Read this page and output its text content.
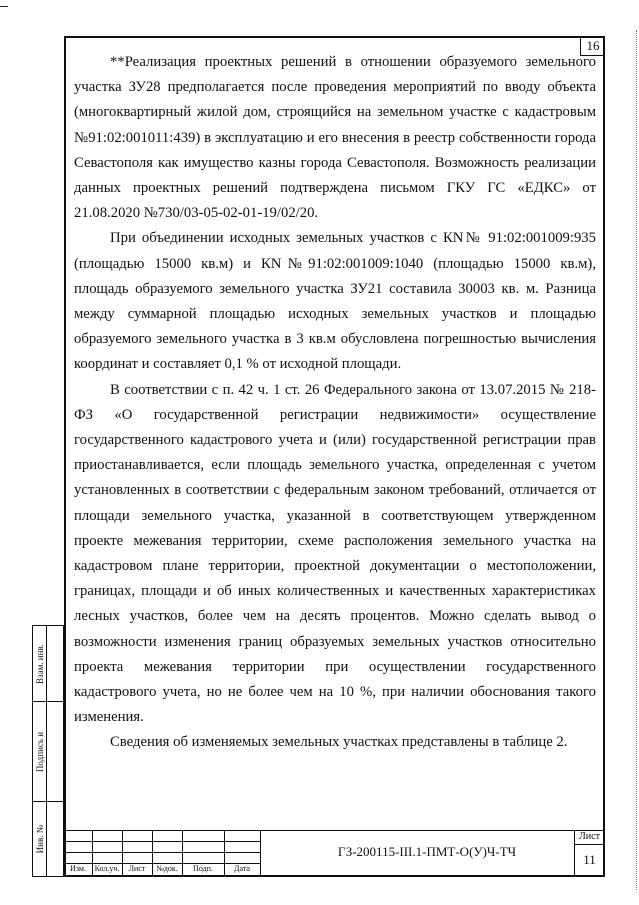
16

**Реализация проектных решений в отношении образуемого земельного участка ЗУ28 предполагается после проведения мероприятий по вводу объекта (многоквартирный жилой дом, строящийся на земельном участке с кадастровым №91:02:001011:439) в эксплуатацию и его внесения в реестр собственности города Севастополя как имущество казны города Севастополя. Возможность реализации данных проектных решений подтверждена письмом ГКУ ГС «ЕДКС» от 21.08.2020 №730/03-05-02-01-19/02/20.

При объединении исходных земельных участков с КN№ 91:02:001009:935 (площадью 15000 кв.м) и КN№91:02:001009:1040 (площадью 15000 кв.м), площадь образуемого земельного участка ЗУ21 составила 30003 кв. м. Разница между суммарной площадью исходных земельных участков и площадью образуемого земельного участка в 3 кв.м обусловлена погрешностью вычисления координат и составляет 0,1 % от исходной площади.

В соответствии с п. 42 ч. 1 ст. 26 Федерального закона от 13.07.2015 № 218-ФЗ «О государственной регистрации недвижимости» осуществление государственного кадастрового учета и (или) государственной регистрации прав приостанавливается, если площадь земельного участка, определенная с учетом установленных в соответствии с федеральным законом требований, отличается от площади земельного участка, указанной в соответствующем утвержденном проекте межевания территории, схеме расположения земельного участка на кадастровом плане территории, проектной документации о местоположении, границах, площади и об иных количественных и качественных характеристиках лесных участков, более чем на десять процентов. Можно сделать вывод о возможности изменения границ образуемых земельных участков относительно проекта межевания территории при осуществлении государственного кадастрового учета, но не более чем на 10 %, при наличии обоснования такого изменения.

Сведения об изменяемых земельных участках представлены в таблице 2.

Взам. инв.
Подпись и
Инв. №
Изм.	Кол.уч.	Лист	№док.	Подп.	Дата
ГЗ-200115-III.1-ПМТ-О(У)Ч-ТЧ
Лист
11
